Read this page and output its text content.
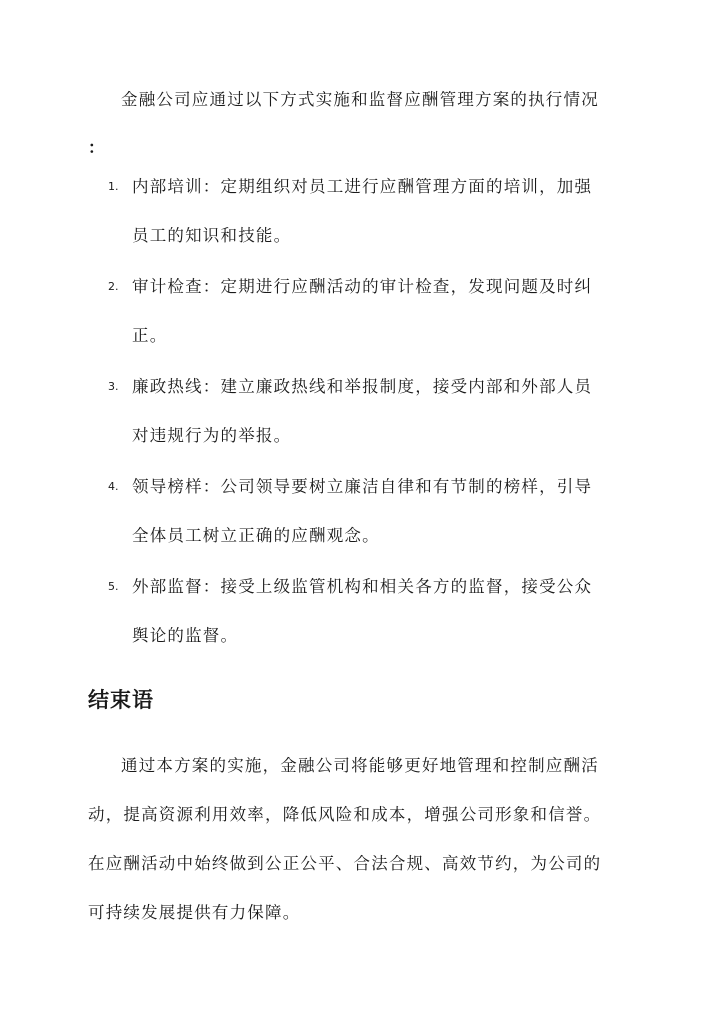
金融公司应通过以下方式实施和监督应酬管理方案的执行情况
：

1. 内部培训：定期组织对员工进行应酬管理方面的培训，加强
员工的知识和技能。
2. 审计检查：定期进行应酬活动的审计检查，发现问题及时纠
正。
3. 廉政热线：建立廉政热线和举报制度，接受内部和外部人员
对违规行为的举报。
4. 领导榜样：公司领导要树立廉洁自律和有节制的榜样，引导
全体员工树立正确的应酬观念。
5. 外部监督：接受上级监管机构和相关各方的监督，接受公众
舆论的监督。
结束语

通过本方案的实施，金融公司将能够更好地管理和控制应酬活
动，提高资源利用效率，降低风险和成本，增强公司形象和信誉。
在应酬活动中始终做到公正公平、合法合规、高效节约，为公司的
可持续发展提供有力保障。
